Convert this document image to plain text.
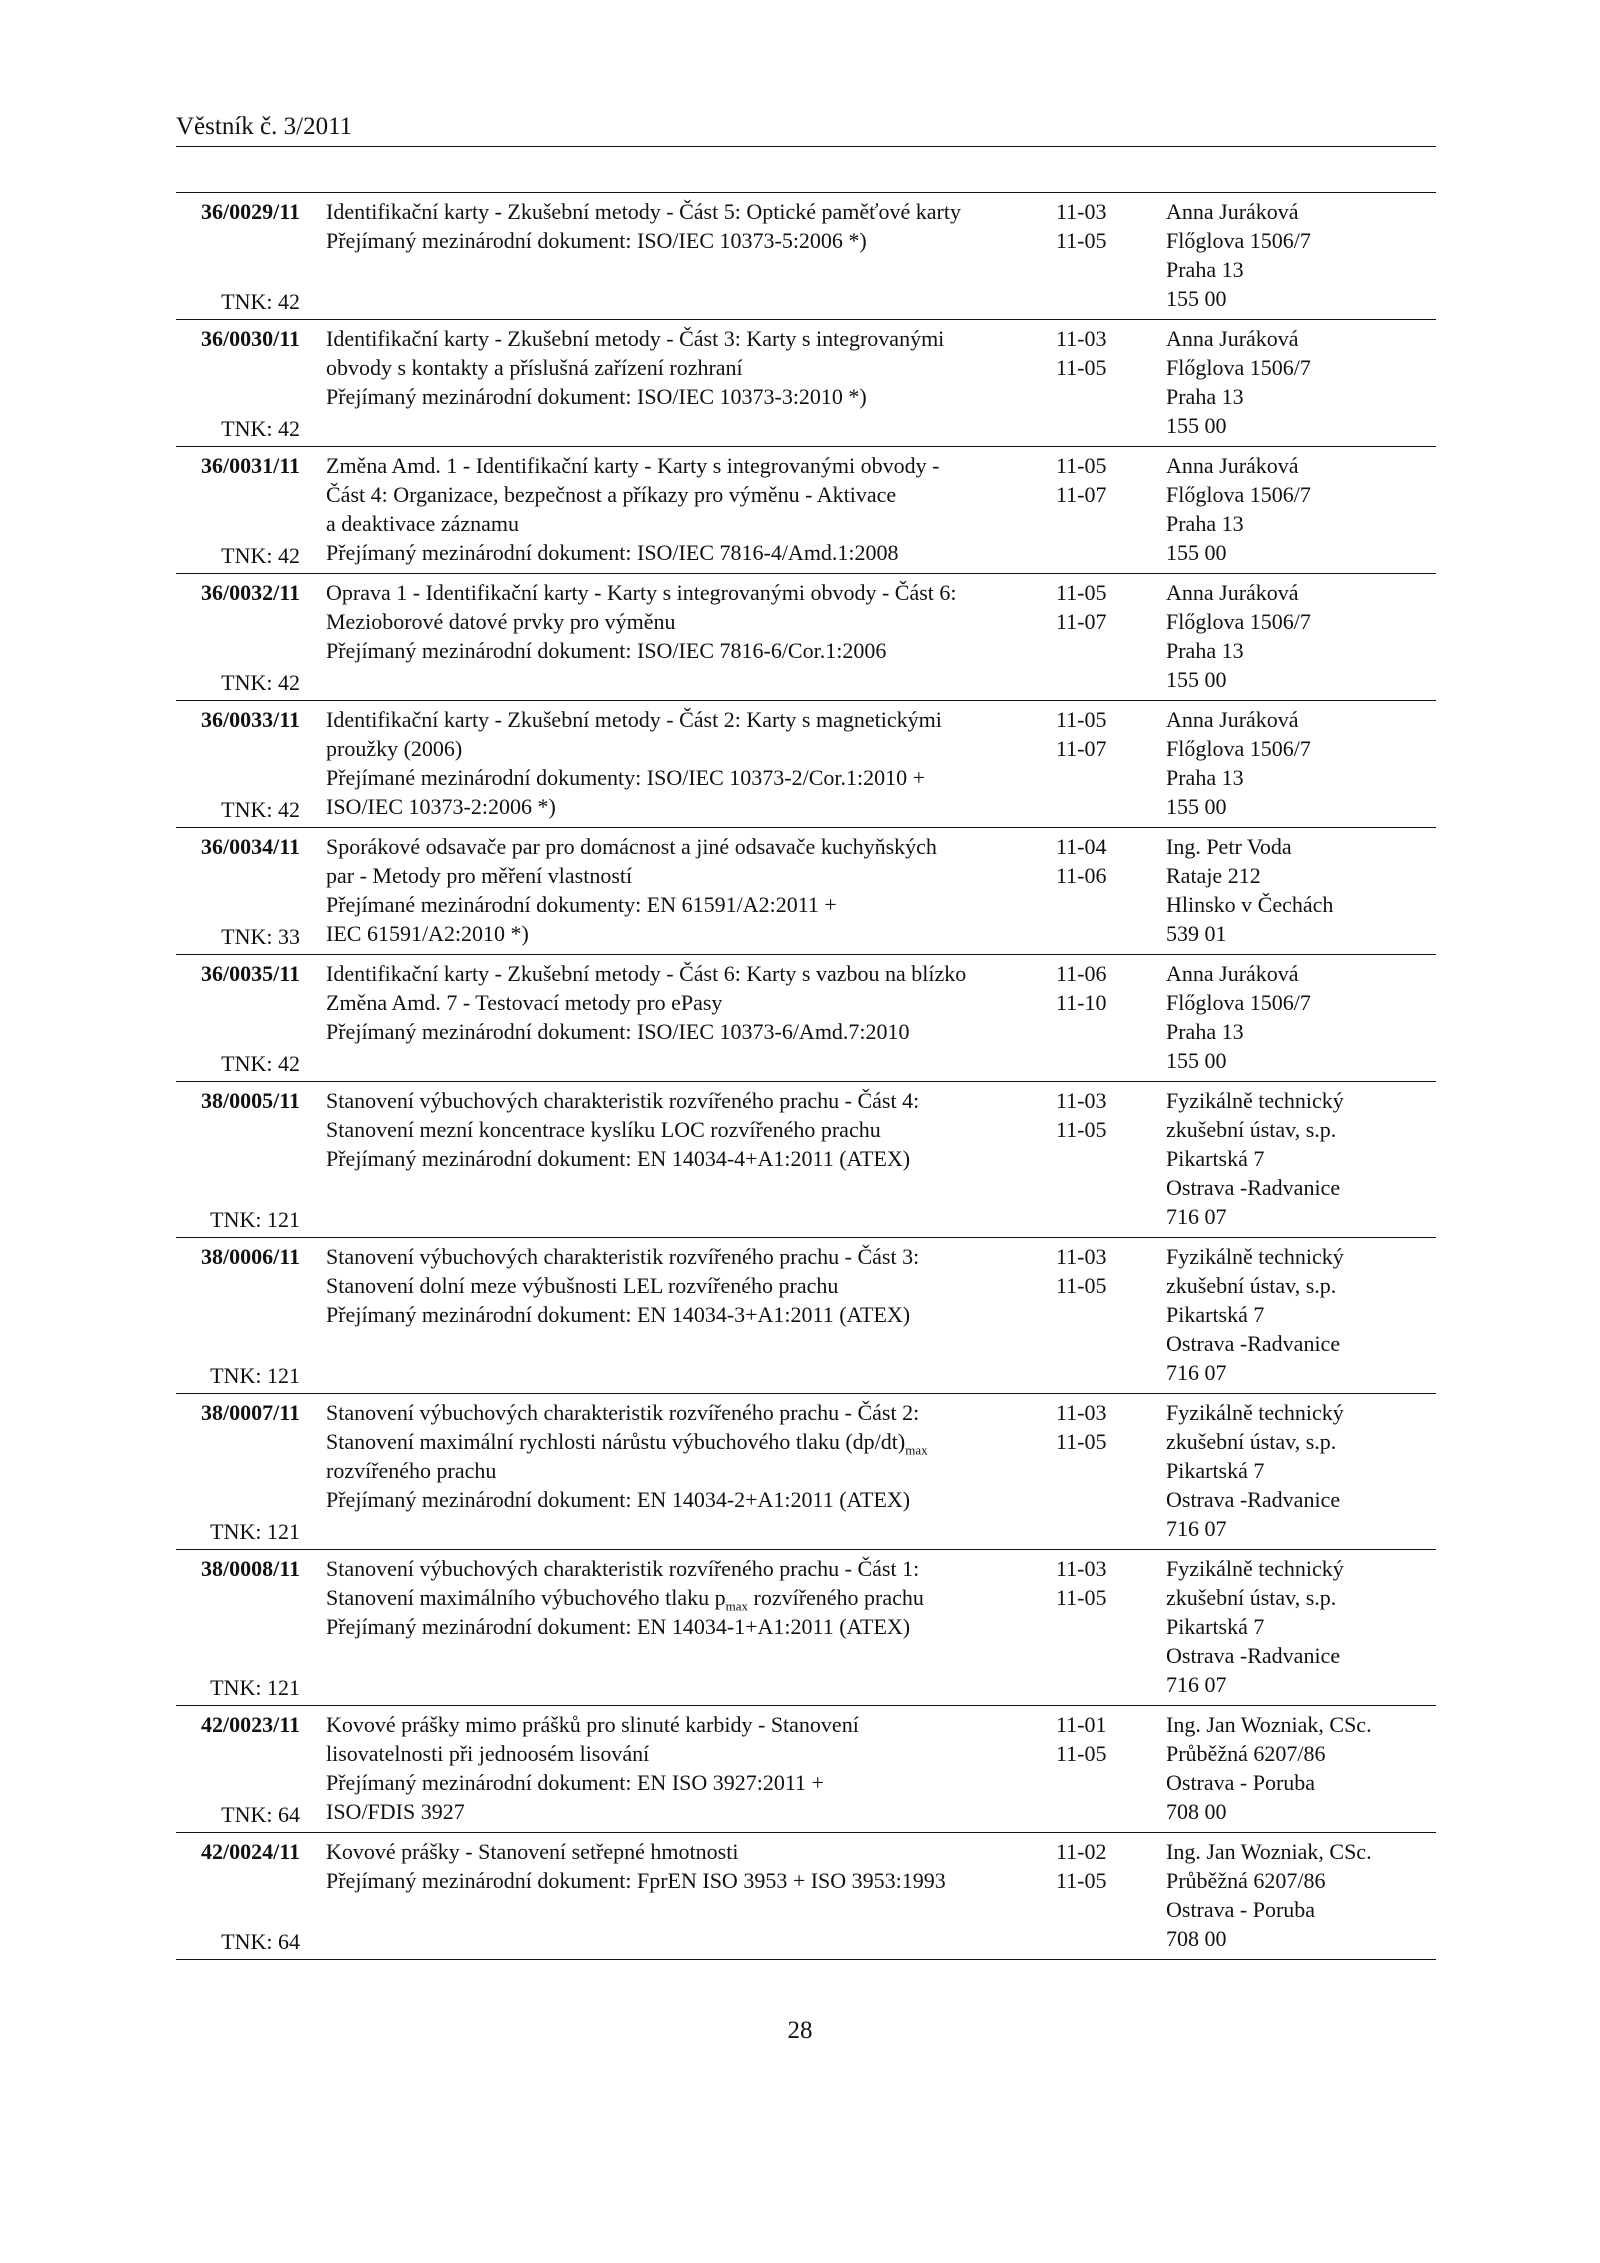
Věstník č. 3/2011
36/0029/11
TNK: 42
Identifikační karty - Zkušební metody - Část 5: Optické paměťové karty
Přejímaný mezinárodní dokument: ISO/IEC 10373-5:2006 *)
11-03
11-05
Anna Juráková
Flőglova 1506/7
Praha 13
155 00
36/0030/11
TNK: 42
Identifikační karty - Zkušební metody - Část 3: Karty s integrovanými
obvody s kontakty a příslušná zařízení rozhraní
Přejímaný mezinárodní dokument: ISO/IEC 10373-3:2010 *)
11-03
11-05
Anna Juráková
Flőglova 1506/7
Praha 13
155 00
36/0031/11
TNK: 42
Změna Amd. 1 - Identifikační karty - Karty s integrovanými obvody -
Část 4: Organizace, bezpečnost a příkazy pro výměnu - Aktivace
a deaktivace záznamu
Přejímaný mezinárodní dokument: ISO/IEC 7816-4/Amd.1:2008
11-05
11-07
Anna Juráková
Flőglova 1506/7
Praha 13
155 00
36/0032/11
TNK: 42
Oprava 1 - Identifikační karty - Karty s integrovanými obvody - Část 6:
Mezioborové datové prvky pro výměnu
Přejímaný mezinárodní dokument: ISO/IEC 7816-6/Cor.1:2006
11-05
11-07
Anna Juráková
Flőglova 1506/7
Praha 13
155 00
36/0033/11
TNK: 42
Identifikační karty - Zkušební metody - Část 2: Karty s magnetickými
proužky (2006)
Přejímané mezinárodní dokumenty: ISO/IEC 10373-2/Cor.1:2010 +
ISO/IEC 10373-2:2006 *)
11-05
11-07
Anna Juráková
Flőglova 1506/7
Praha 13
155 00
36/0034/11
TNK: 33
Sporákové odsavače par pro domácnost a jiné odsavače kuchyňských
par - Metody pro měření vlastností
Přejímané mezinárodní dokumenty: EN 61591/A2:2011 +
IEC 61591/A2:2010 *)
11-04
11-06
Ing. Petr Voda
Rataje 212
Hlinsko v Čechách
539 01
36/0035/11
TNK: 42
Identifikační karty - Zkušební metody - Část 6: Karty s vazbou na blízko
Změna Amd. 7 - Testovací metody pro ePasy
Přejímaný mezinárodní dokument: ISO/IEC 10373-6/Amd.7:2010
11-06
11-10
Anna Juráková
Flőglova 1506/7
Praha 13
155 00
38/0005/11
TNK: 121
Stanovení výbuchových charakteristik rozvířeného prachu - Část 4:
Stanovení mezní koncentrace kyslíku LOC rozvířeného prachu
Přejímaný mezinárodní dokument: EN 14034-4+A1:2011 (ATEX)
11-03
11-05
Fyzikálně technický
zkušební ústav, s.p.
Pikartská 7
Ostrava -Radvanice
716 07
38/0006/11
TNK: 121
Stanovení výbuchových charakteristik rozvířeného prachu - Část 3:
Stanovení dolní meze výbušnosti LEL rozvířeného prachu
Přejímaný mezinárodní dokument: EN 14034-3+A1:2011 (ATEX)
11-03
11-05
Fyzikálně technický
zkušební ústav, s.p.
Pikartská 7
Ostrava -Radvanice
716 07
38/0007/11
TNK: 121
Stanovení výbuchových charakteristik rozvířeného prachu - Část 2:
Stanovení maximální rychlosti nárůstu výbuchového tlaku $(dp/dt)_{max}$
rozvířeného prachu
Přejímaný mezinárodní dokument: EN 14034-2+A1:2011 (ATEX)
11-03
11-05
Fyzikálně technický
zkušební ústav, s.p.
Pikartská 7
Ostrava -Radvanice
716 07
38/0008/11
TNK: 121
Stanovení výbuchových charakteristik rozvířeného prachu - Část 1:
Stanovení maximálního výbuchového tlaku $p_{max}$ rozvířeného prachu
Přejímaný mezinárodní dokument: EN 14034-1+A1:2011 (ATEX)
11-03
11-05
Fyzikálně technický
zkušební ústav, s.p.
Pikartská 7
Ostrava -Radvanice
716 07
42/0023/11
TNK: 64
Kovové prášky mimo prášků pro slinuté karbidy - Stanovení
lisovatelnosti při jednoosém lisování
Přejímaný mezinárodní dokument: EN ISO 3927:2011 +
ISO/FDIS 3927
11-01
11-05
Ing. Jan Wozniak, CSc.
Průběžná 6207/86
Ostrava - Poruba
708 00
42/0024/11
TNK: 64
Kovové prášky - Stanovení setřepné hmotnosti
Přejímaný mezinárodní dokument: FprEN ISO 3953 + ISO 3953:1993
11-02
11-05
Ing. Jan Wozniak, CSc.
Průběžná 6207/86
Ostrava - Poruba
708 00
28
